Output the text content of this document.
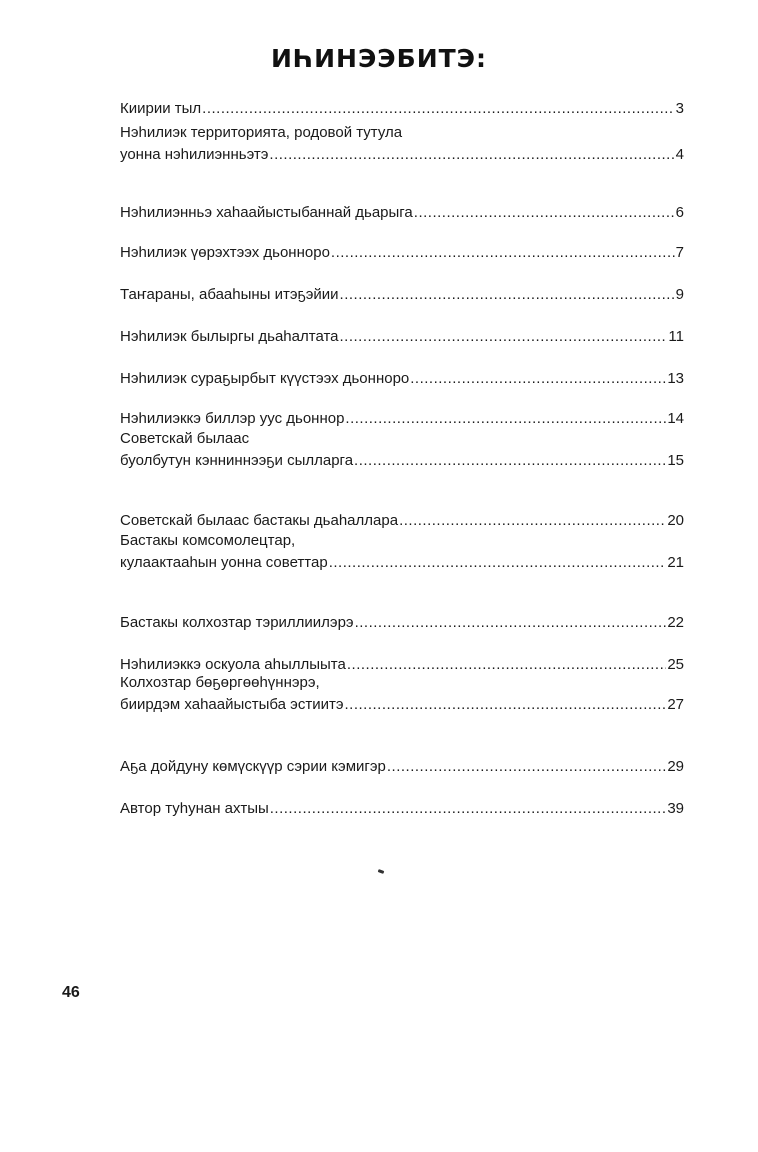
ИҺИНЭЭБИТЭ:
Киирии тыл .....	3
Нэһилиэк территорията, родовой тутула
уонна нэһилиэнньэтэ .....	4
Нэһилиэнньэ хаһаайыстыбаннай дьарыга .....	6
Нэһилиэк үөрэхтээх дьонноро .....	7
Таҥараны, абааһыны итэҕэйии .....	9
Нэһилиэк былыргы дьаһалтата .....	11
Нэһилиэк сураҕырбыт күүстээх дьонноро .....	13
Нэһилиэккэ биллэр уус дьоннор .....	14
Советскай былаас
буолбутун кэнниннээҕи сылларга .....	15
Советскай былаас бастакы дьаһаллара .....	20
Бастакы комсомолецтар,
кулаактааһын уонна советтар .....	21
Бастакы колхозтар тэриллиилэрэ .....	22
Нэһилиэккэ оскуола аһыллыыта .....	25
Колхозтар бөҕөргөөһүннэрэ,
биирдэм хаһаайыстыба эстиитэ .....	27
Аҕа дойдуну көмүскүүр сэрии кэмигэр .....	29
Автор туһунан ахтыы .....	39
46
